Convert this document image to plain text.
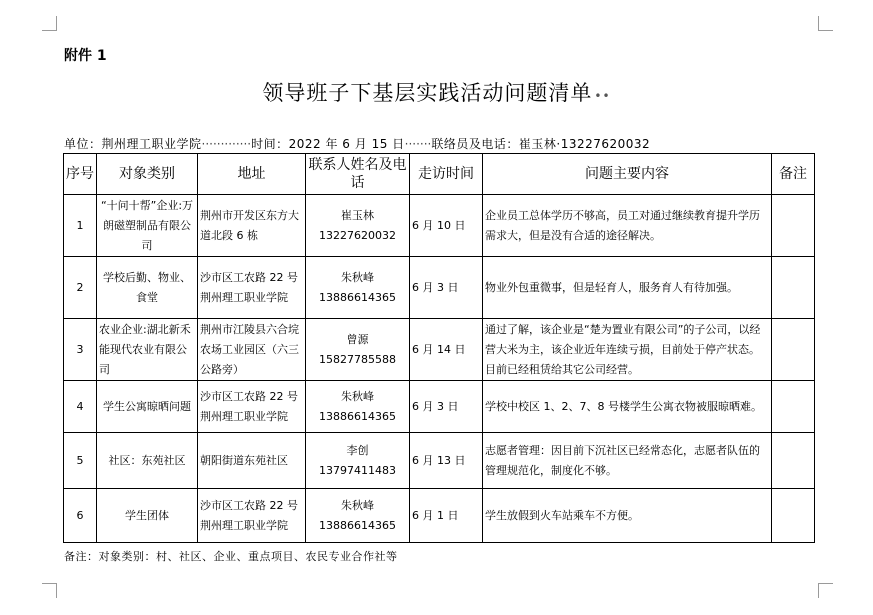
附件 1
领导班子下基层实践活动问题清单 ••
单位：荆州理工职业学院·············时间：2022 年 6 月 15 日·······联络员及电话：崔玉林·13227620032
序号	对象类别	地址	联系人姓名及电话	走访时间	问题主要内容	备注
1	“十问十帮”企业:万朗磁塑制品有限公司	荆州市开发区东方大道北段 6 栋	崔玉林
13227620032	6 月 10 日	企业员工总体学历不够高，员工对通过继续教育提升学历需求大，但是没有合适的途径解决。	
2	学校后勤、物业、食堂	沙市区工农路 22 号荆州理工职业学院	朱秋峰
13886614365	6 月 3 日	物业外包重微事，但是轻育人，服务育人有待加强。	
3	农业企业:湖北新禾能现代农业有限公司	荆州市江陵县六合垸农场工业园区（六三公路旁）	曾源
15827785588	6 月 14 日	通过了解，该企业是“楚为置业有限公司”的子公司，以经营大米为主，该企业近年连续亏损，目前处于停产状态。目前已经租赁给其它公司经营。	
4	学生公寓晾晒问题	沙市区工农路 22 号荆州理工职业学院	朱秋峰
13886614365	6 月 3 日	学校中校区 1、2、7、8 号楼学生公寓衣物被服晾晒难。	
5	社区：东苑社区	朝阳街道东苑社区	李创
13797411483	6 月 13 日	志愿者管理：因目前下沉社区已经常态化，志愿者队伍的管理规范化，制度化不够。	
6	学生团体	沙市区工农路 22 号荆州理工职业学院	朱秋峰
13886614365	6 月 1 日	学生放假到火车站乘车不方便。	
备注：对象类别：村、社区、企业、重点项目、农民专业合作社等
